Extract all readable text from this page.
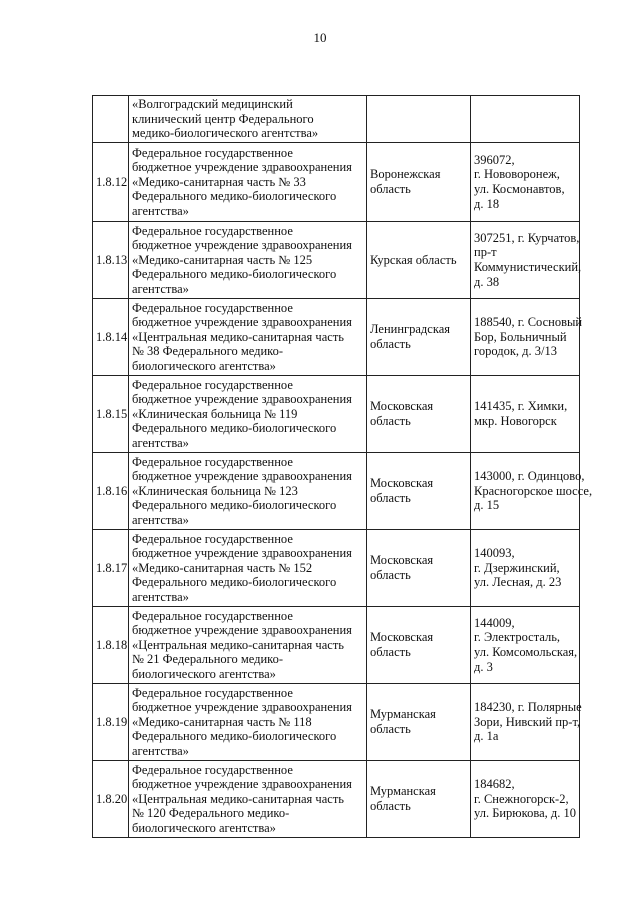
10

	«Волгоградский медицинский
клинический центр Федерального
медико-биологического агентства»		

1.8.12	Федеральное государственное
бюджетное учреждение здравоохранения
«Медико-санитарная часть № 33
Федерального медико-биологического
агентства»	Воронежская
область	396072,
г. Нововоронеж,
ул. Космонавтов,
д. 18

1.8.13	Федеральное государственное
бюджетное учреждение здравоохранения
«Медико-санитарная часть № 125
Федерального медико-биологического
агентства»	Курская область	307251, г. Курчатов,
пр-т
Коммунистический,
д. 38

1.8.14	Федеральное государственное
бюджетное учреждение здравоохранения
«Центральная медико-санитарная часть
№ 38 Федерального медико-
биологического агентства»	Ленинградская
область	188540, г. Сосновый
Бор, Больничный
городок, д. 3/13

1.8.15	Федеральное государственное
бюджетное учреждение здравоохранения
«Клиническая больница № 119
Федерального медико-биологического
агентства»	Московская
область	141435, г. Химки,
мкр. Новогорск

1.8.16	Федеральное государственное
бюджетное учреждение здравоохранения
«Клиническая больница № 123
Федерального медико-биологического
агентства»	Московская
область	143000, г. Одинцово,
Красногорское шоссе,
д. 15

1.8.17	Федеральное государственное
бюджетное учреждение здравоохранения
«Медико-санитарная часть № 152
Федерального медико-биологического
агентства»	Московская
область	140093,
г. Дзержинский,
ул. Лесная, д. 23

1.8.18	Федеральное государственное
бюджетное учреждение здравоохранения
«Центральная медико-санитарная часть
№ 21 Федерального медико-
биологического агентства»	Московская
область	144009,
г. Электросталь,
ул. Комсомольская,
д. 3

1.8.19	Федеральное государственное
бюджетное учреждение здравоохранения
«Медико-санитарная часть № 118
Федерального медико-биологического
агентства»	Мурманская
область	184230, г. Полярные
Зори, Нивский пр-т,
д. 1а

1.8.20	Федеральное государственное
бюджетное учреждение здравоохранения
«Центральная медико-санитарная часть
№ 120 Федерального медико-
биологического агентства»	Мурманская
область	184682,
г. Снежногорск-2,
ул. Бирюкова, д. 10
